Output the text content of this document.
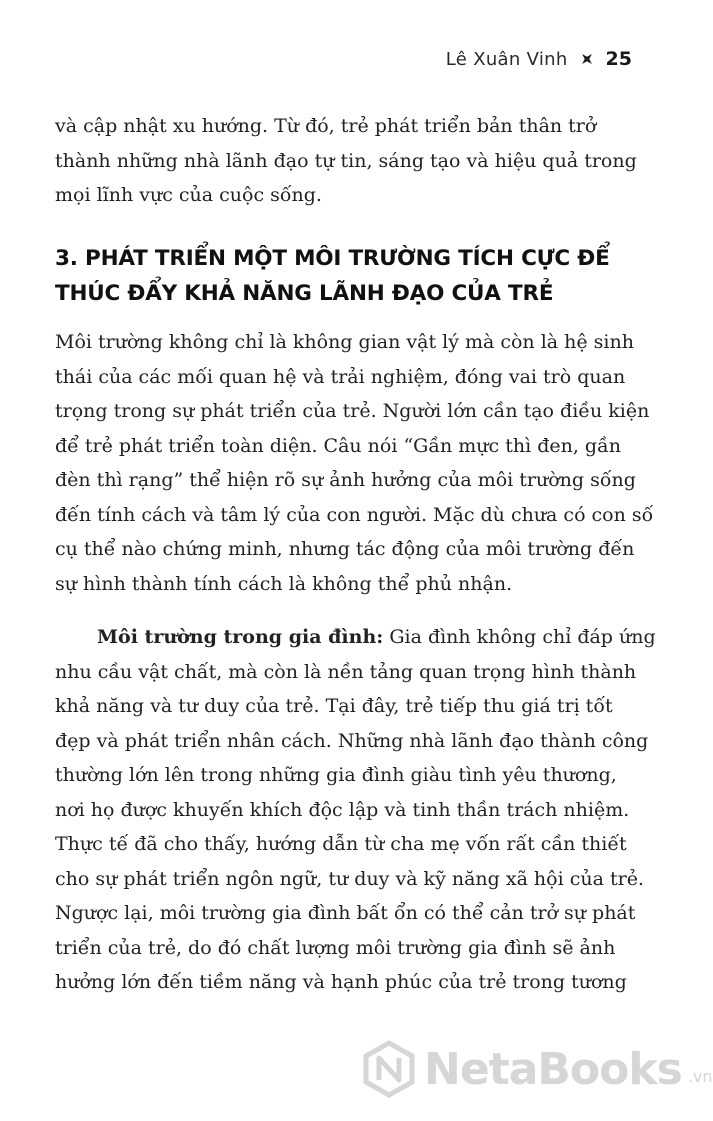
Lê Xuân Vinh 25
và cập nhật xu hướng. Từ đó, trẻ phát triển bản thân trở
thành những nhà lãnh đạo tự tin, sáng tạo và hiệu quả trong
mọi lĩnh vực của cuộc sống.
3. PHÁT TRIỂN MỘT MÔI TRƯỜNG TÍCH CỰC ĐỂ
THÚC ĐẨY KHẢ NĂNG LÃNH ĐẠO CỦA TRẺ
Môi trường không chỉ là không gian vật lý mà còn là hệ sinh
thái của các mối quan hệ và trải nghiệm, đóng vai trò quan
trọng trong sự phát triển của trẻ. Người lớn cần tạo điều kiện
để trẻ phát triển toàn diện. Câu nói “Gần mực thì đen, gần
đèn thì rạng” thể hiện rõ sự ảnh hưởng của môi trường sống
đến tính cách và tâm lý của con người. Mặc dù chưa có con số
cụ thể nào chứng minh, nhưng tác động của môi trường đến
sự hình thành tính cách là không thể phủ nhận.
Môi trường trong gia đình: Gia đình không chỉ đáp ứng
nhu cầu vật chất, mà còn là nền tảng quan trọng hình thành
khả năng và tư duy của trẻ. Tại đây, trẻ tiếp thu giá trị tốt
đẹp và phát triển nhân cách. Những nhà lãnh đạo thành công
thường lớn lên trong những gia đình giàu tình yêu thương,
nơi họ được khuyến khích độc lập và tinh thần trách nhiệm.
Thực tế đã cho thấy, hướng dẫn từ cha mẹ vốn rất cần thiết
cho sự phát triển ngôn ngữ, tư duy và kỹ năng xã hội của trẻ.
Ngược lại, môi trường gia đình bất ổn có thể cản trở sự phát
triển của trẻ, do đó chất lượng môi trường gia đình sẽ ảnh
hưởng lớn đến tiềm năng và hạnh phúc của trẻ trong tương
NetaBooks .vn
